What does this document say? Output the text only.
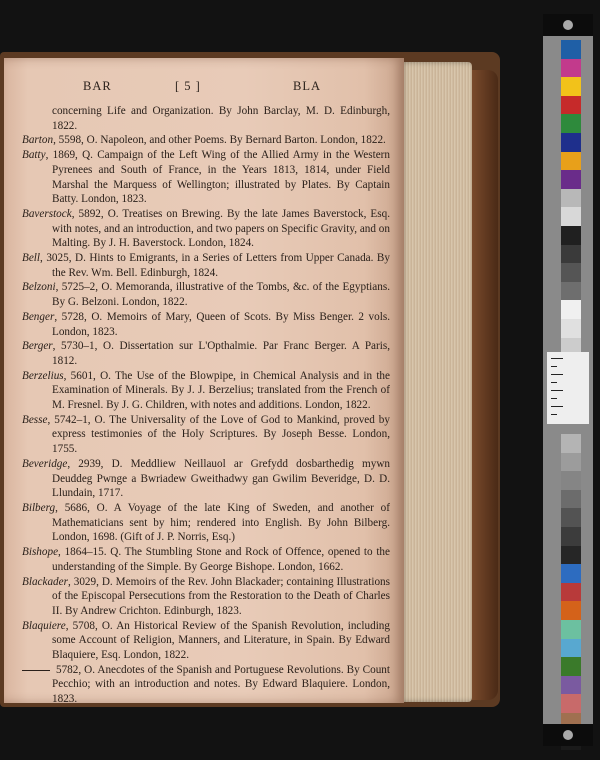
BAR	[ 5 ]	BLA

concerning Life and Organization. By John Barclay, M. D. Edinburgh, 1822.

Barton, 5598, O. Napoleon, and other Poems. By Bernard Barton. London, 1822.

Batty, 1869, Q. Campaign of the Left Wing of the Allied Army in the Western Pyrenees and South of France, in the Years 1813, 1814, under Field Marshal the Marquess of Wellington; illustrated by Plates. By Captain Batty. London, 1823.

Baverstock, 5892, O. Treatises on Brewing. By the late James Baverstock, Esq. with notes, and an introduction, and two papers on Specific Gravity, and on Malting. By J. H. Baverstock. London, 1824.

Bell, 3025, D. Hints to Emigrants, in a Series of Letters from Upper Canada. By the Rev. Wm. Bell. Edinburgh, 1824.

Belzoni, 5725–2, O. Memoranda, illustrative of the Tombs, &c. of the Egyptians. By G. Belzoni. London, 1822.

Benger, 5728, O. Memoirs of Mary, Queen of Scots. By Miss Benger. 2 vols. London, 1823.

Berger, 5730–1, O. Dissertation sur L'Opthalmie. Par Franc Berger. A Paris, 1812.

Berzelius, 5601, O. The Use of the Blowpipe, in Chemical Analysis and in the Examination of Minerals. By J. J. Berzelius; translated from the French of M. Fresnel. By J. G. Children, with notes and additions. London, 1822.

Besse, 5742–1, O. The Universality of the Love of God to Mankind, proved by express testimonies of the Holy Scriptures. By Joseph Besse. London, 1755.

Beveridge, 2939, D. Meddliew Neillauol ar Grefydd dosbarthedig mywn Deuddeg Pwnge a Bwriadew Gweithadwy gan Gwilim Beveridge, D. D. Llundain, 1717.

Bilberg, 5686, O. A Voyage of the late King of Sweden, and another of Mathematicians sent by him; rendered into English. By John Bilberg. London, 1698. (Gift of J. P. Norris, Esq.)

Bishope, 1864–15. Q. The Stumbling Stone and Rock of Offence, opened to the understanding of the Simple. By George Bishope. London, 1662.

Blackader, 3029, D. Memoirs of the Rev. John Blackader; containing Illustrations of the Episcopal Persecutions from the Restoration to the Death of Charles II. By Andrew Crichton. Edinburgh, 1823.

Blaquiere, 5708, O. An Historical Review of the Spanish Revolution, including some Account of Religion, Manners, and Literature, in Spain. By Edward Blaquiere, Esq. London, 1822.

5782, O. Anecdotes of the Spanish and Portuguese Revolutions. By Count Pecchio; with an introduction and notes. By Edward Blaquiere. London, 1823.
